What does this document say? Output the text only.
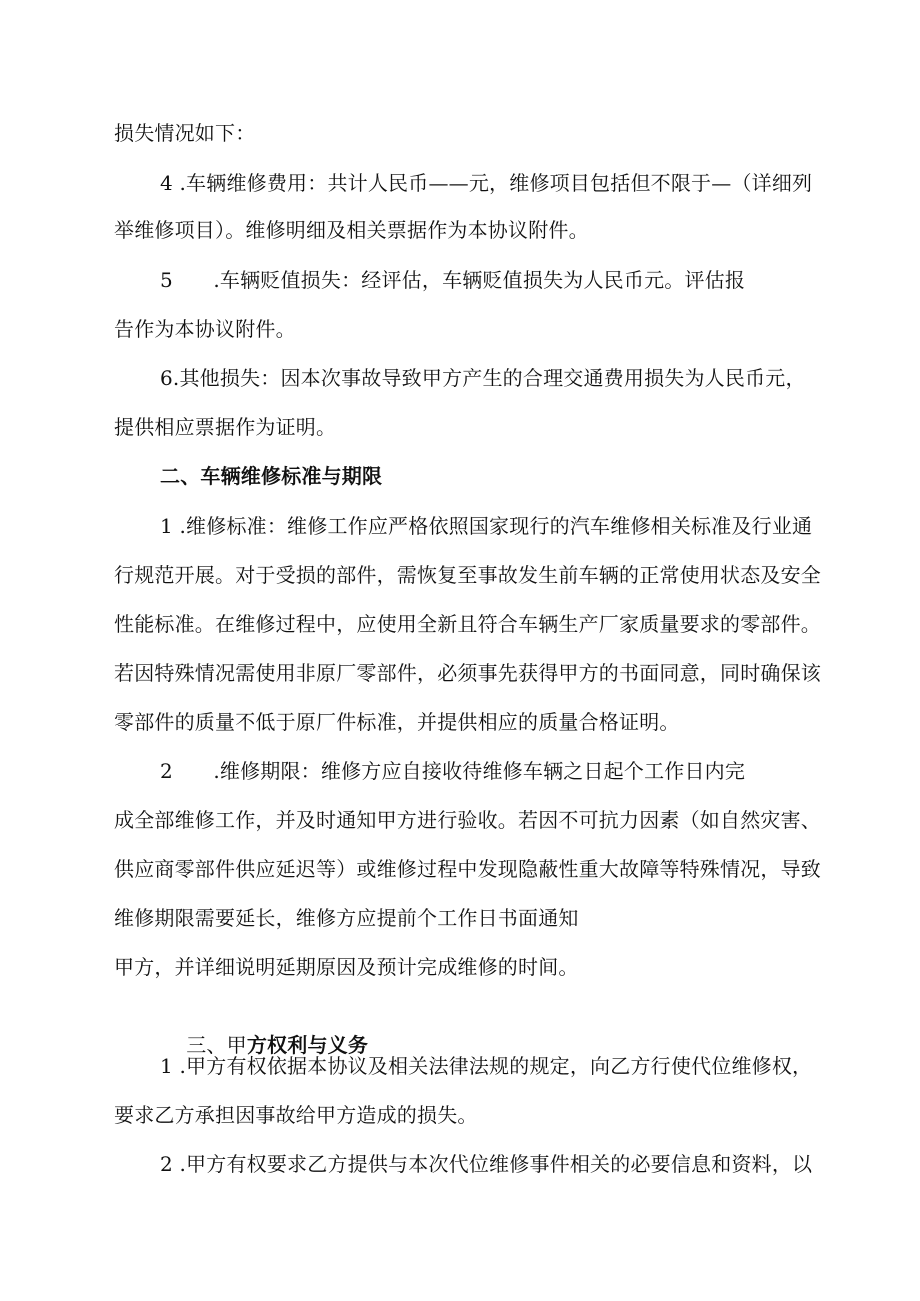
损失情况如下：
4 .车辆维修费用：共计人民币——元，维修项目包括但不限于—（详细列
举维修项目）。维修明细及相关票据作为本协议附件。
5　　.车辆贬值损失：经评估，车辆贬值损失为人民币元。评估报
告作为本协议附件。
6.其他损失：因本次事故导致甲方产生的合理交通费用损失为人民币元，
提供相应票据作为证明。
二、车辆维修标准与期限
1 .维修标准：维修工作应严格依照国家现行的汽车维修相关标准及行业通
行规范开展。对于受损的部件，需恢复至事故发生前车辆的正常使用状态及安全
性能标准。在维修过程中，应使用全新且符合车辆生产厂家质量要求的零部件。
若因特殊情况需使用非原厂零部件，必须事先获得甲方的书面同意，同时确保该
零部件的质量不低于原厂件标准，并提供相应的质量合格证明。
2　　.维修期限：维修方应自接收待维修车辆之日起个工作日内完
成全部维修工作，并及时通知甲方进行验收。若因不可抗力因素（如自然灾害、
供应商零部件供应延迟等）或维修过程中发现隐蔽性重大故障等特殊情况，导致
维修期限需要延长，维修方应提前个工作日书面通知
甲方，并详细说明延期原因及预计完成维修的时间。

三、甲方权利与义务

1 .甲方有权依据本协议及相关法律法规的规定，向乙方行使代位维修权，
要求乙方承担因事故给甲方造成的损失。
2 .甲方有权要求乙方提供与本次代位维修事件相关的必要信息和资料，以
